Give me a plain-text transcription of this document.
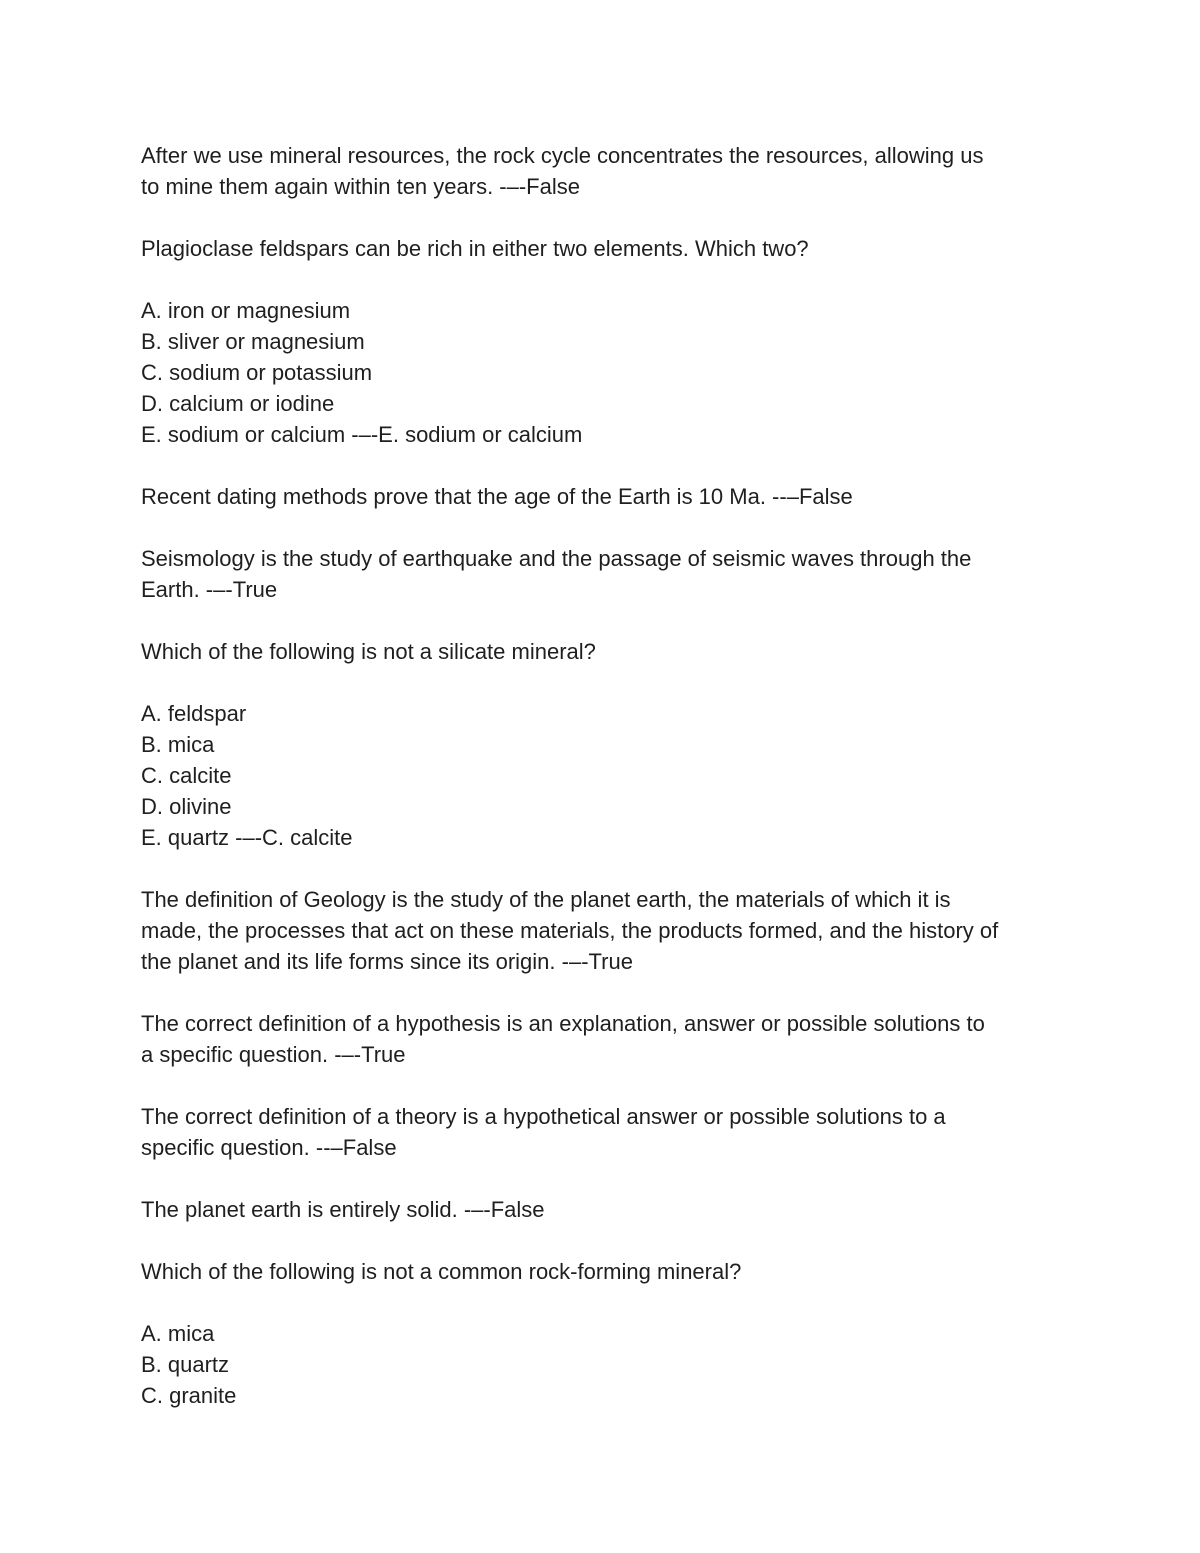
After we use mineral resources, the rock cycle concentrates the resources, allowing us

to mine them again within ten years. -–-False

Plagioclase feldspars can be rich in either two elements. Which two?

A. iron or magnesium

B. sliver or magnesium

C. sodium or potassium

D. calcium or iodine

E. sodium or calcium -–-E. sodium or calcium

Recent dating methods prove that the age of the Earth is 10 Ma. --–False

Seismology is the study of earthquake and the passage of seismic waves through the

Earth. -–-True

Which of the following is not a silicate mineral?

A. feldspar

B. mica

C. calcite

D. olivine

E. quartz -–-C. calcite

The definition of Geology is the study of the planet earth, the materials of which it is

made, the processes that act on these materials, the products formed, and the history of

the planet and its life forms since its origin. -–-True

The correct definition of a hypothesis is an explanation, answer or possible solutions to

a specific question. -–-True

The correct definition of a theory is a hypothetical answer or possible solutions to a

specific question. --–False

The planet earth is entirely solid. -–-False

Which of the following is not a common rock-forming mineral?

A. mica

B. quartz

C. granite
